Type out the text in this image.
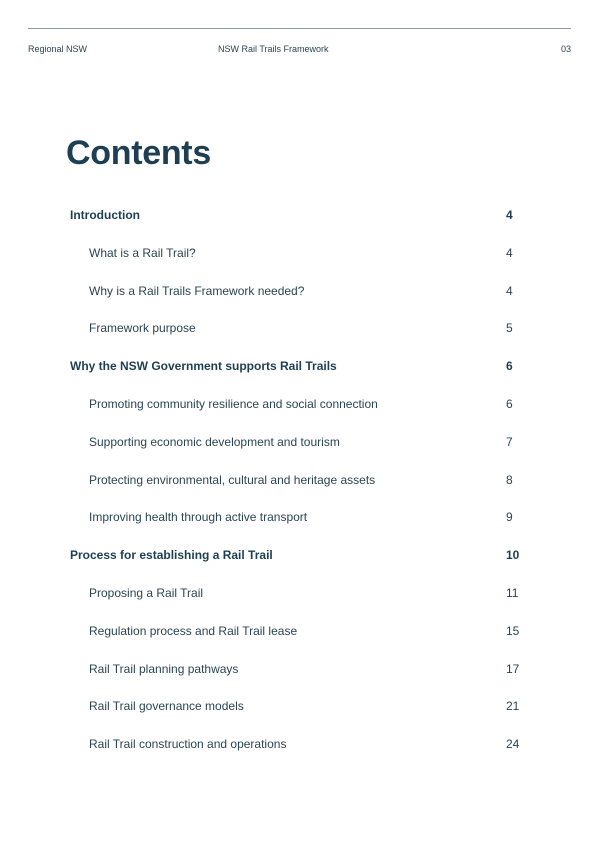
Regional NSW	NSW Rail Trails Framework	03
Contents
Introduction	4
What is a Rail Trail?	4
Why is a Rail Trails Framework needed?	4
Framework purpose	5
Why the NSW Government supports Rail Trails	6
Promoting community resilience and social connection	6
Supporting economic development and tourism	7
Protecting environmental, cultural and heritage assets	8
Improving health through active transport	9
Process for establishing a Rail Trail	10
Proposing a Rail Trail	11
Regulation process and Rail Trail lease	15
Rail Trail planning pathways	17
Rail Trail governance models	21
Rail Trail construction and operations	24
